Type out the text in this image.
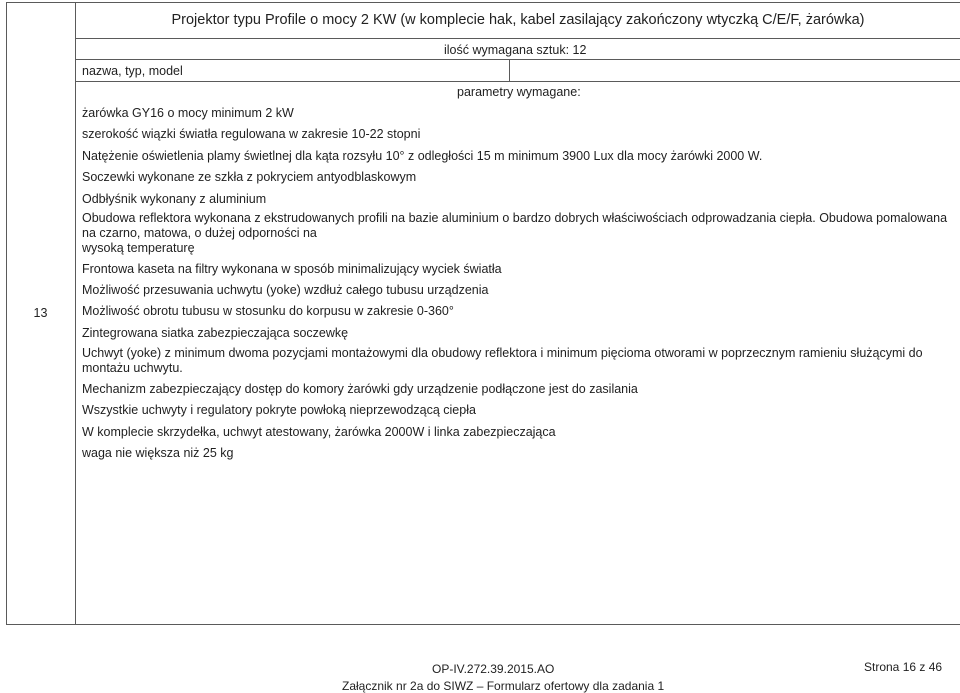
13
Projektor typu Profile o mocy 2 KW (w komplecie hak, kabel zasilający zakończony wtyczką C/E/F, żarówka)
ilość wymagana sztuk: 12
nazwa, typ, model
parametry wymagane:
żarówka GY16 o mocy minimum 2 kW
szerokość wiązki światła regulowana w zakresie 10-22 stopni
Natężenie oświetlenia plamy świetlnej dla kąta rozsyłu 10° z odległości 15 m minimum 3900 Lux dla mocy żarówki 2000 W.
Soczewki wykonane ze szkła z pokryciem antyodblaskowym
Odbłyśnik wykonany z aluminium
Obudowa reflektora wykonana z ekstrudowanych profili na bazie aluminium o bardzo dobrych właściwościach odprowadzania ciepła. Obudowa pomalowana na czarno, matowa, o dużej odporności na
wysoką temperaturę
Frontowa kaseta na filtry wykonana w sposób minimalizujący wyciek światła
Możliwość przesuwania uchwytu (yoke) wzdłuż całego tubusu urządzenia
Możliwość obrotu tubusu w stosunku do korpusu w zakresie 0-360°
Zintegrowana siatka zabezpieczająca soczewkę
Uchwyt (yoke) z minimum dwoma pozycjami montażowymi dla obudowy reflektora i minimum pięcioma otworami w poprzecznym ramieniu służącymi do montażu uchwytu.
Mechanizm zabezpieczający dostęp do komory żarówki gdy urządzenie podłączone jest do zasilania
Wszystkie uchwyty i regulatory pokryte powłoką nieprzewodzącą ciepła
W komplecie skrzydełka, uchwyt atestowany, żarówka 2000W i linka zabezpieczająca
waga nie większa niż 25 kg
OP-IV.272.39.2015.AO
Załącznik nr 2a do SIWZ – Formularz ofertowy dla zadania 1
Strona 16 z 46
